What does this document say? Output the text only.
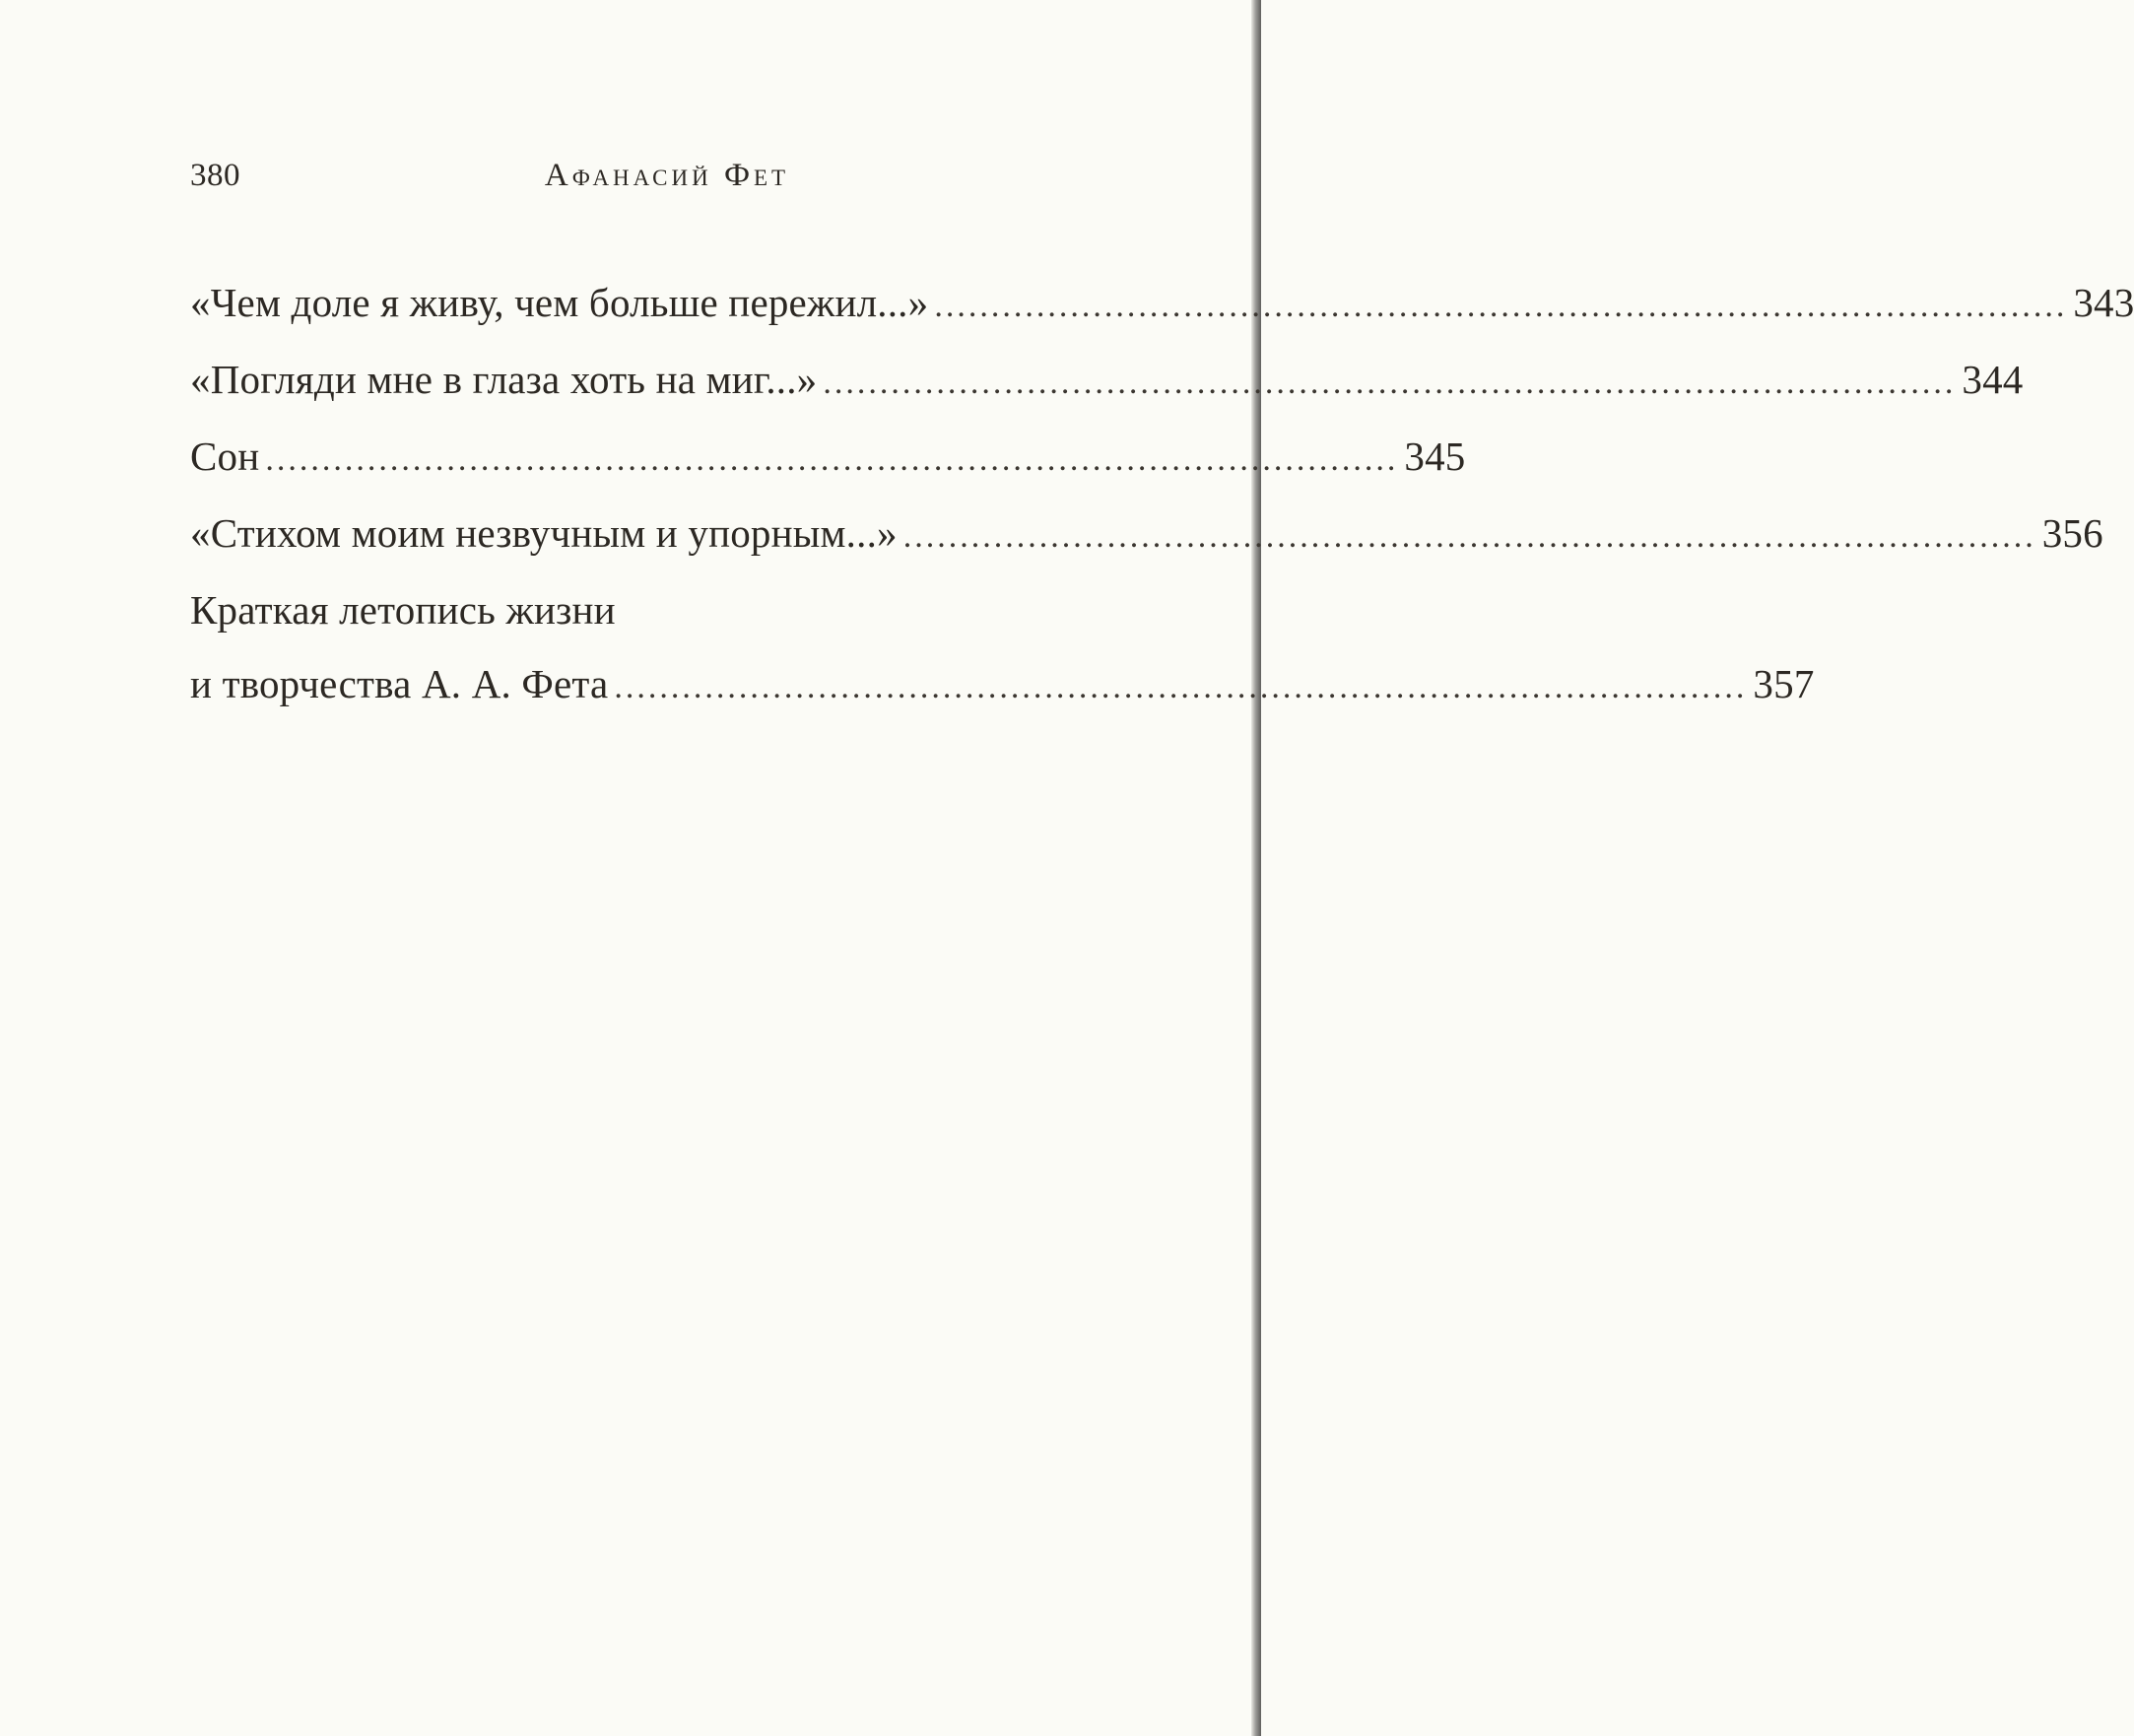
380	Афанасий Фет
«Чем доле я живу, чем больше пережил...» .................................................................................................... 343
«Погляди мне в глаза хоть на миг...» .................................................................................................... 344
Сон .................................................................................................... 345
«Стихом моим незвучным и упорным...» .................................................................................................... 356
Краткая летопись жизни
и творчества А. А. Фета .................................................................................................... 357
